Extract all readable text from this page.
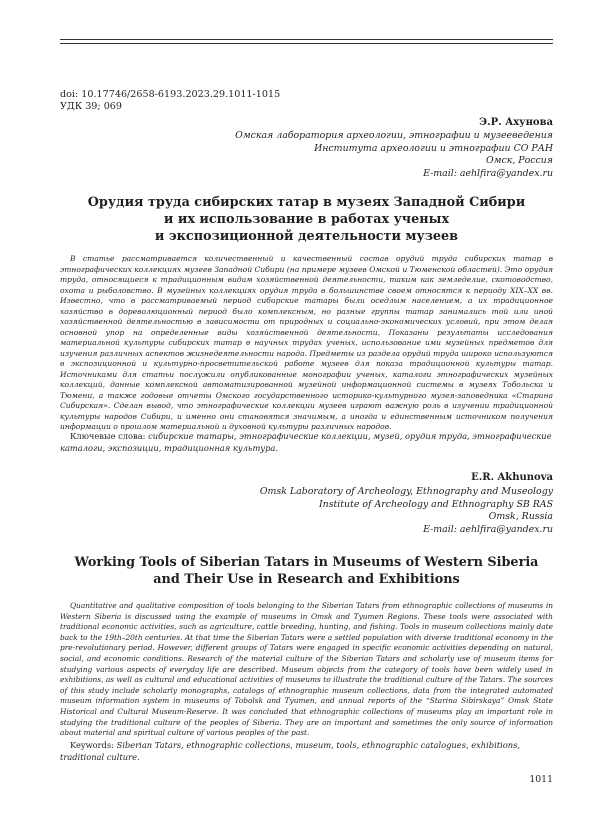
doi: 10.17746/2658-6193.2023.29.1011-1015
УДК 39; 069
Э.Р. Ахунова
Омская лаборатория археологии, этнографии и музееведения
Института археологии и этнографии СО РАН
Омск, Россия
E-mail: aehlfira@yandex.ru
Орудия труда сибирских татар в музеях Западной Сибири
и их использование в работах ученых
и экспозиционной деятельности музеев
В статье рассматривается количественный и качественный состав орудий труда сибирских татар в этнографических коллекциях музеев Западной Сибири (на примере музеев Омской и Тюменской областей). Это орудия труда, относящиеся к традиционным видам хозяйственной деятельности, таким как земледелие, скотоводство, охота и рыболовство. В музейных коллекциях орудия труда в большинстве своем относятся к периоду XIX–XX вв. Известно, что в рассматриваемый период сибирские татары были оседлым населением, а их традиционное хозяйство в дореволюционный период было комплексным, но разные группы татар занимались той или иной хозяйственной деятельностью в зависимости от природных и социально-экономических условий, при этом делая основной упор на определенные виды хозяйственной деятельности. Показаны результаты исследования материальной культуры сибирских татар в научных трудах ученых, использование ими музейных предметов для изучения различных аспектов жизнедеятельности народа. Предметы из раздела орудий труда широко используются в экспозиционной и культурно-просветительской работе музеев для показа традиционной культуры татар. Источниками для статьи послужили опубликованные монографии ученых, каталоги этнографических музейных коллекций, данные комплексной автоматизированной музейной информационной системы в музеях Тобольска и Тюмени, а также годовые отчеты Омского государственного историко-культурного музея-заповедника «Старина Сибирская». Сделан вывод, что этнографические коллекции музеев играют важную роль в изучении традиционной культуры народов Сибири, и именно они становятся значимым, а иногда и единственным источником получения информации о прошлом материальной и духовной культуры различных народов.
Ключевые слова: сибирские татары, этнографические коллекции, музей, орудия труда, этнографические каталоги, экспозиции, традиционная культура.
E.R. Akhunova
Omsk Laboratory of Archeology, Ethnography and Museology
Institute of Archeology and Ethnography SB RAS
Omsk, Russia
E-mail: aehlfira@yandex.ru
Working Tools of Siberian Tatars in Museums of Western Siberia
and Their Use in Research and Exhibitions
Quantitative and qualitative composition of tools belonging to the Siberian Tatars from ethnographic collections of museums in Western Siberia is discussed using the example of museums in Omsk and Tyumen Regions. These tools were associated with traditional economic activities, such as agriculture, cattle breeding, hunting, and fishing. Tools in museum collections mainly date back to the 19th–20th centuries. At that time the Siberian Tatars were a settled population with diverse traditional economy in the pre-revolutionary period. However, different groups of Tatars were engaged in specific economic activities depending on natural, social, and economic conditions. Research of the material culture of the Siberian Tatars and scholarly use of museum items for studying various aspects of everyday life are described. Museum objects from the category of tools have been widely used in exhibitions, as well as cultural and educational activities of museums to illustrate the traditional culture of the Tatars. The sources of this study include scholarly monographs, catalogs of ethnographic museum collections, data from the integrated automated museum information system in museums of Tobolsk and Tyumen, and annual reports of the “Starina Sibirskaya” Omsk State Historical and Cultural Museum-Reserve. It was concluded that ethnographic collections of museums play an important role in studying the traditional culture of the peoples of Siberia. They are an important and sometimes the only source of information about material and spiritual culture of various peoples of the past.
Keywords: Siberian Tatars, ethnographic collections, museum, tools, ethnographic catalogues, exhibitions, traditional culture.
1011
